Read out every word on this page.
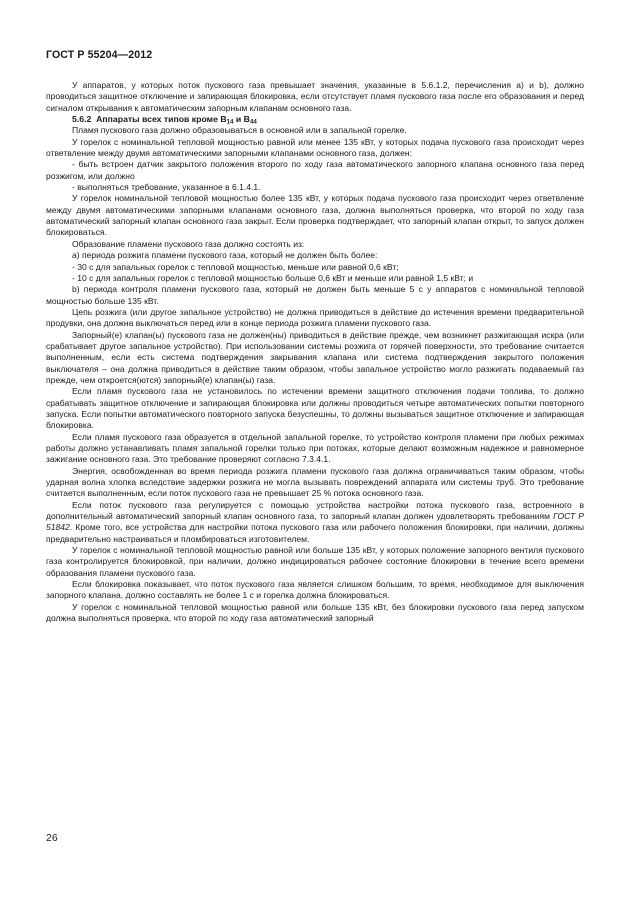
ГОСТ Р 55204—2012

У аппаратов, у которых поток пускового газа превышает значения, указанные в 5.6.1.2, перечисления а) и b), должно проводиться защитное отключение и запирающая блокировка, если отсутствует пламя пускового газа после его образования и перед сигналом открывания к автоматическим запорным клапанам основного газа.

5.6.2 Аппараты всех типов кроме $B_{14}$ и $B_{44}$

Пламя пускового газа должно образовываться в основной или в запальной горелке.

У горелок с номинальной тепловой мощностью равной или менее 135 кВт, у которых подача пускового газа происходит через ответвление между двумя автоматическими запорными клапанами основного газа, должен:

- быть встроен датчик закрытого положения второго по ходу газа автоматического запорного клапана основного газа перед розжигом, или должно

- выполняться требование, указанное в 6.1.4.1.

У горелок номинальной тепловой мощностью более 135 кВт, у которых подача пускового газа происходит через ответвление между двумя автоматическими запорными клапанами основного газа, должна выполняться проверка, что второй по ходу газа автоматический запорный клапан основного газа закрыт. Если проверка подтверждает, что запорный клапан открыт, то запуск должен блокироваться.

Образование пламени пускового газа должно состоять из:

а) периода розжига пламени пускового газа, который не должен быть более:

- 30 с для запальных горелок с тепловой мощностью, меньше или равной 0,6 кВт;

- 10 с для запальных горелок с тепловой мощностью больше 0,6 кВт и меньше или равной 1,5 кВт; и

b) периода контроля пламени пускового газа, который не должен быть меньше 5 с у аппаратов с номинальной тепловой мощностью больше 135 кВт.

Цепь розжига (или другое запальное устройство) не должна приводиться в действие до истечения времени предварительной продувки, она должна выключаться перед или в конце периода розжига пламени пускового газа.

Запорный(е) клапан(ы) пускового газа не должен(ны) приводиться в действие прежде, чем возникнет разжигающая искра (или срабатывает другое запальное устройство). При использовании системы розжига от горячей поверхности, это требование считается выполненным, если есть система подтверждения закрывания клапана или система подтверждения закрытого положения выключателя – она должна приводиться в действие таким образом, чтобы запальное устройство могло разжигать подаваемый газ прежде, чем откроется(ются) запорный(е) клапан(ы) газа.

Если пламя пускового газа не установилось по истечении времени защитного отключения подачи топлива, то должно срабатывать защитное отключение и запирающая блокировка или должны проводиться четыре автоматических попытки повторного запуска. Если попытки автоматического повторного запуска безуспешны, то должны вызываться защитное отключение и запирающая блокировка.

Если пламя пускового газа образуется в отдельной запальной горелке, то устройство контроля пламени при любых режимах работы должно устанавливать пламя запальной горелки только при потоках, которые делают возможным надежное и равномерное зажигание основного газа. Это требование проверяют согласно 7.3.4.1.

Энергия, освобожденная во время периода розжига пламени пускового газа должна ограничиваться таким образом, чтобы ударная волна хлопка вследствие задержки розжига не могла вызывать повреждений аппарата или системы труб. Это требование считается выполненным, если поток пускового газа не превышает 25 % потока основного газа.

Если поток пускового газа регулируется с помощью устройства настройки потока пускового газа, встроенного в дополнительный автоматический запорный клапан основного газа, то запорный клапан должен удовлетворять требованиям ГОСТ Р 51842. Кроме того, все устройства для настройки потока пускового газа или рабочего положения блокировки, при наличии, должны предварительно настраиваться и пломбироваться изготовителем.

У горелок с номинальной тепловой мощностью равной или больше 135 кВт, у которых положение запорного вентиля пускового газа контролируется блокировкой, при наличии, должно индицироваться рабочее состояние блокировки в течение всего времени образования пламени пускового газа.

Если блокировка показывает, что поток пускового газа является слишком большим, то время, необходимое для выключения запорного клапана, должно составлять не более 1 с и горелка должна блокироваться.

У горелок с номинальной тепловой мощностью равной или больше 135 кВт, без блокировки пускового газа перед запуском должна выполняться проверка, что второй по ходу газа автоматический запорный

26
